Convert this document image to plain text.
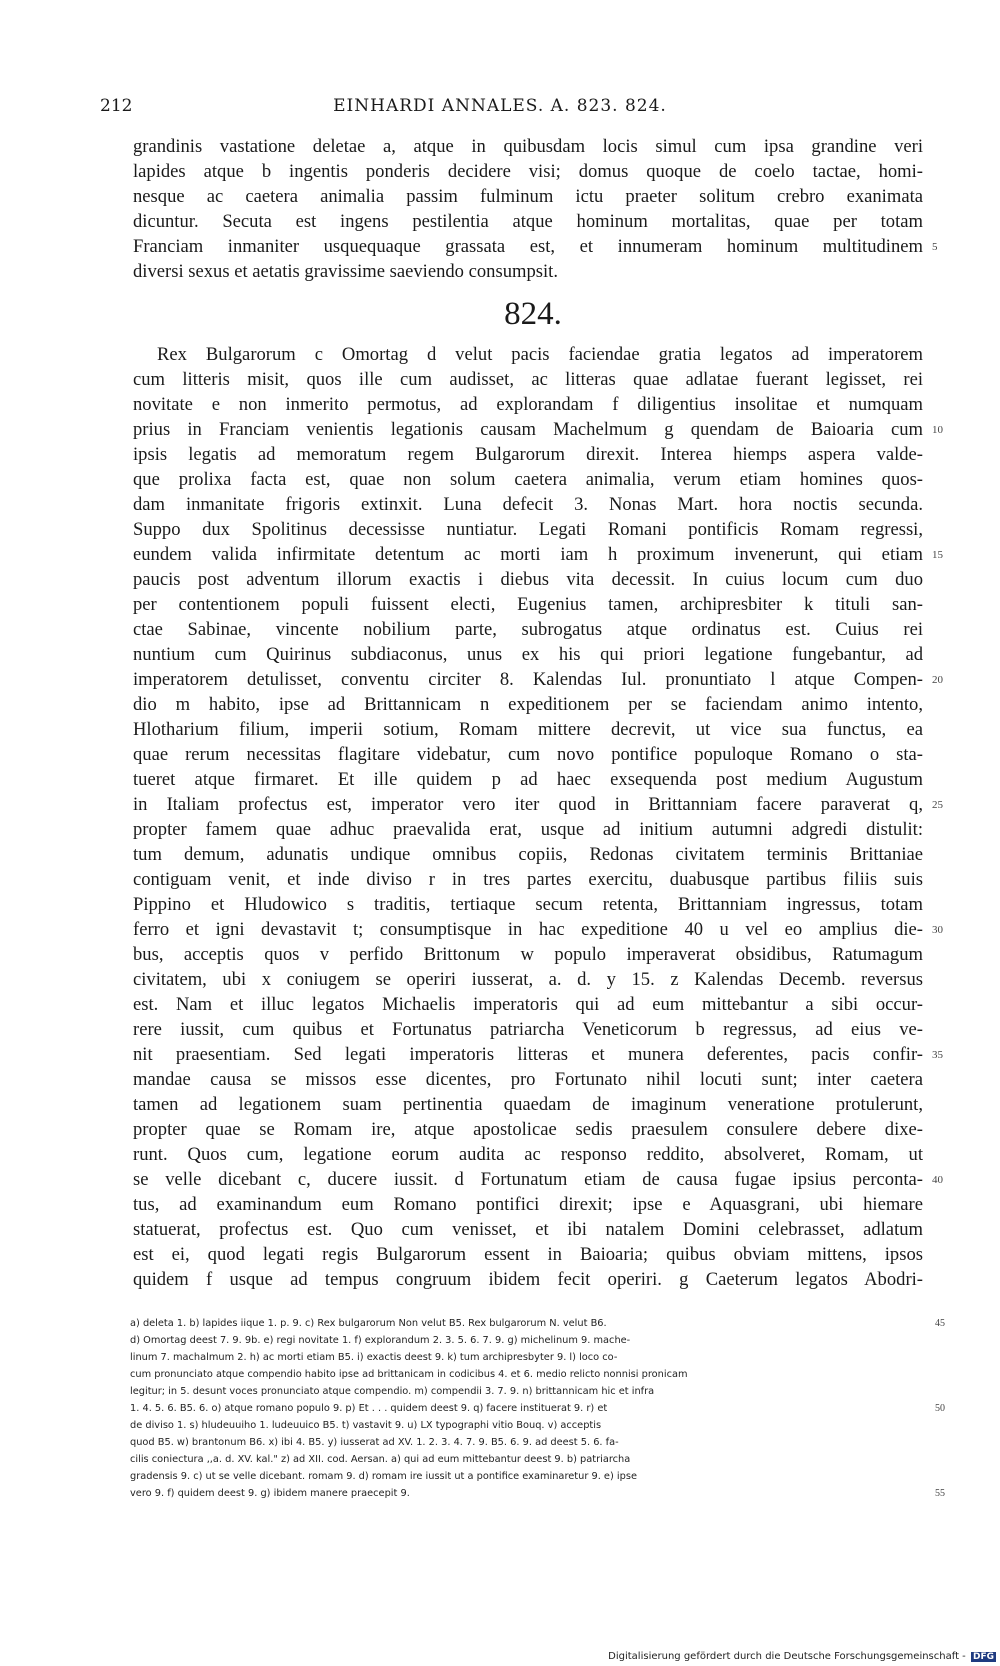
212	EINHARDI ANNALES. A. 823. 824.
grandinis vastatione deletae a, atque in quibusdam locis simul cum ipsa grandine veri
lapides atque b ingentis ponderis decidere visi; domus quoque de coelo tactae, homi-
nesque ac caetera animalia passim fulminum ictu praeter solitum crebro exanimata
dicuntur. Secuta est ingens pestilentia atque hominum mortalitas, quae per totam
Franciam inmaniter usquequaque grassata est, et innumeram hominum multitudinem
diversi sexus et aetatis gravissime saeviendo consumpsit.
5
824.
Rex Bulgarorum c Omortag d velut pacis faciendae gratia legatos ad imperatorem
cum litteris misit, quos ille cum audisset, ac litteras quae adlatae fuerant legisset, rei
novitate e non inmerito permotus, ad explorandam f diligentius insolitae et numquam
prius in Franciam venientis legationis causam Machelmum g quendam de Baioaria cum
ipsis legatis ad memoratum regem Bulgarorum direxit. Interea hiemps aspera valde-
que prolixa facta est, quae non solum caetera animalia, verum etiam homines quos-
dam inmanitate frigoris extinxit. Luna defecit 3. Nonas Mart. hora noctis secunda.
Suppo dux Spolitinus decessisse nuntiatur. Legati Romani pontificis Romam regressi,
eundem valida infirmitate detentum ac morti iam h proximum invenerunt, qui etiam
paucis post adventum illorum exactis i diebus vita decessit. In cuius locum cum duo
per contentionem populi fuissent electi, Eugenius tamen, archipresbiter k tituli san-
ctae Sabinae, vincente nobilium parte, subrogatus atque ordinatus est. Cuius rei
nuntium cum Quirinus subdiaconus, unus ex his qui priori legatione fungebantur, ad
imperatorem detulisset, conventu circiter 8. Kalendas Iul. pronuntiato l atque Compen-
dio m habito, ipse ad Brittannicam n expeditionem per se faciendam animo intento,
Hlotharium filium, imperii sotium, Romam mittere decrevit, ut vice sua functus, ea
quae rerum necessitas flagitare videbatur, cum novo pontifice populoque Romano o sta-
tueret atque firmaret. Et ille quidem p ad haec exsequenda post medium Augustum
in Italiam profectus est, imperator vero iter quod in Brittanniam facere paraverat q,
propter famem quae adhuc praevalida erat, usque ad initium autumni adgredi distulit:
tum demum, adunatis undique omnibus copiis, Redonas civitatem terminis Brittaniae
contiguam venit, et inde diviso r in tres partes exercitu, duabusque partibus filiis suis
Pippino et Hludowico s traditis, tertiaque secum retenta, Brittanniam ingressus, totam
ferro et igni devastavit t; consumptisque in hac expeditione 40 u vel eo amplius die-
bus, acceptis quos v perfido Brittonum w populo imperaverat obsidibus, Ratumagum
civitatem, ubi x coniugem se operiri iusserat, a. d. y 15. z Kalendas Decemb. reversus
est. Nam et illuc legatos Michaelis imperatoris qui ad eum mittebantur a sibi occur-
rere iussit, cum quibus et Fortunatus patriarcha Veneticorum b regressus, ad eius ve-
nit praesentiam. Sed legati imperatoris litteras et munera deferentes, pacis confir-
mandae causa se missos esse dicentes, pro Fortunato nihil locuti sunt; inter caetera
tamen ad legationem suam pertinentia quaedam de imaginum veneratione protulerunt,
propter quae se Romam ire, atque apostolicae sedis praesulem consulere debere dixe-
runt. Quos cum, legatione eorum audita ac responso reddito, absolveret, Romam, ut
se velle dicebant c, ducere iussit. d Fortunatum etiam de causa fugae ipsius perconta-
tus, ad examinandum eum Romano pontifici direxit; ipse e Aquasgrani, ubi hiemare
statuerat, profectus est. Quo cum venisset, et ibi natalem Domini celebrasset, adlatum
est ei, quod legati regis Bulgarorum essent in Baioaria; quibus obviam mittens, ipsos
quidem f usque ad tempus congruum ibidem fecit operiri. g Caeterum legatos Abodri-
10
15
20
25
30
35
40
a) deleta 1. b) lapides iique 1. p. 9. c) Rex bulgarorum Non velut B5. Rex bulgarorum N. velut B6.
d) Omortag deest 7. 9. 9b. e) regi novitate 1. f) explorandum 2. 3. 5. 6. 7. 9. g) michelinum 9. mache-
linum 7. machalmum 2. h) ac morti etiam B5. i) exactis deest 9. k) tum archipresbyter 9. l) loco co-
cum pronunciato atque compendio habito ipse ad brittanicam in codicibus 4. et 6. medio relicto nonnisi pronicam
legitur; in 5. desunt voces pronunciato atque compendio. m) compendii 3. 7. 9. n) brittannicam hic et infra
1. 4. 5. 6. B5. 6. o) atque romano populo 9. p) Et . . . quidem deest 9. q) facere instituerat 9. r) et
de diviso 1. s) hludeuuiho 1. ludeuuico B5. t) vastavit 9. u) LX typographi vitio Bouq. v) acceptis
quod B5. w) brantonum B6. x) ibi 4. B5. y) iusserat ad XV. 1. 2. 3. 4. 7. 9. B5. 6. 9. ad deest 5. 6. fa-
cilis coniectura ,,a. d. XV. kal." z) ad XII. cod. Aersan. a) qui ad eum mittebantur deest 9. b) patriarcha
gradensis 9. c) ut se velle dicebant. romam 9. d) romam ire iussit ut a pontifice examinaretur 9. e) ipse
vero 9. f) quidem deest 9. g) ibidem manere praecepit 9.
45
50
55
Digitalisierung gefördert durch die Deutsche Forschungsgemeinschaft - DFG
